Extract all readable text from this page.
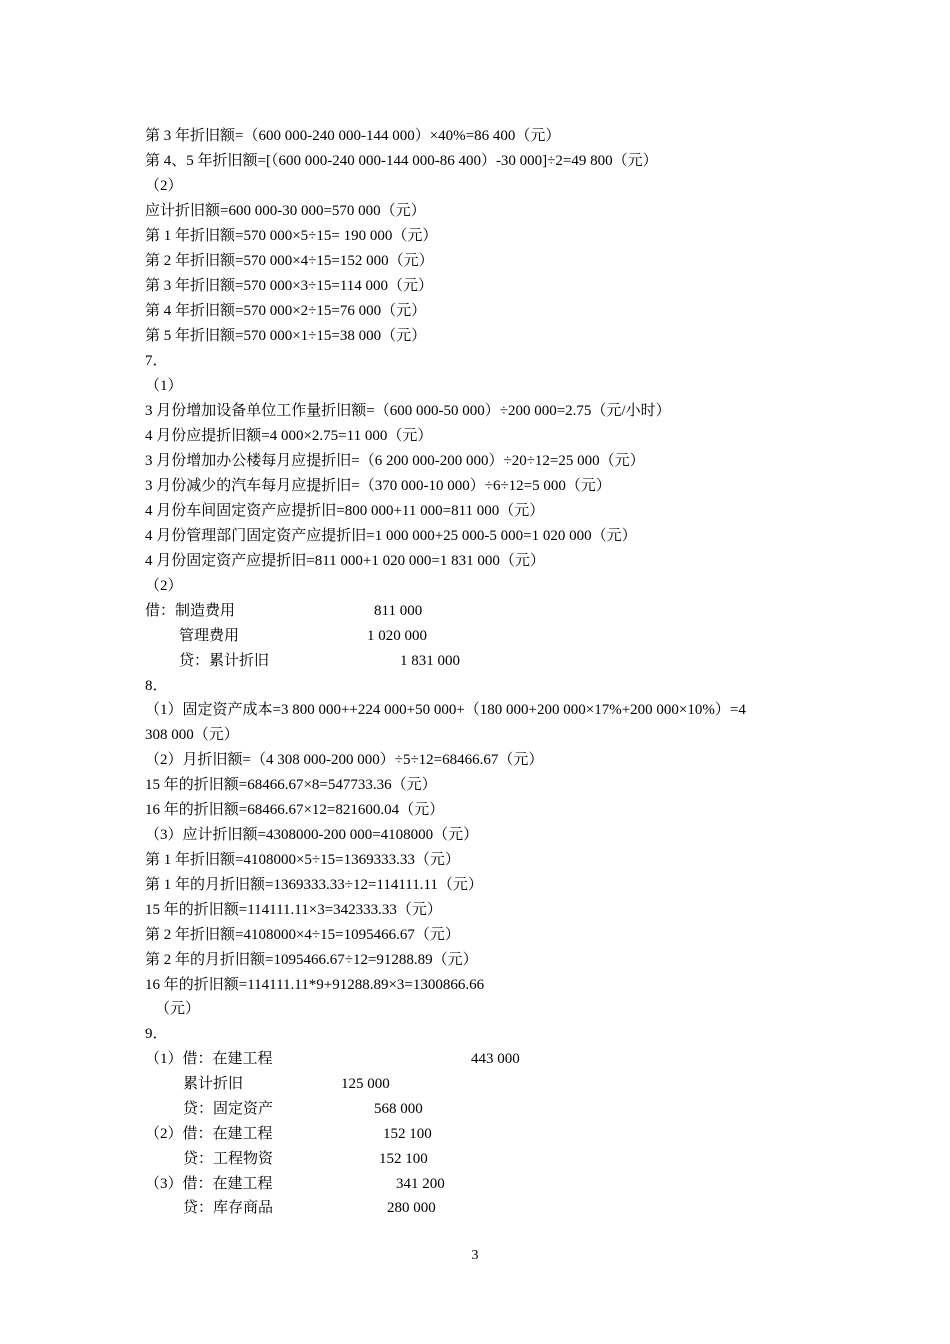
第 3 年折旧额=（600 000-240 000-144 000）×40%=86 400（元）
第 4、5 年折旧额=[（600 000-240 000-144 000-86 400）-30 000]÷2=49 800（元）
（2）
应计折旧额=600 000-30 000=570 000（元）
第 1 年折旧额=570 000×5÷15= 190 000（元）
第 2 年折旧额=570 000×4÷15=152 000（元）
第 3 年折旧额=570 000×3÷15=114 000（元）
第 4 年折旧额=570 000×2÷15=76 000（元）
第 5 年折旧额=570 000×1÷15=38 000（元）
7．
（1）
3 月份增加设备单位工作量折旧额=（600 000-50 000）÷200 000=2.75（元/小时）
4 月份应提折旧额=4 000×2.75=11 000（元）
3 月份增加办公楼每月应提折旧=（6 200 000-200 000）÷20÷12=25 000（元）
3 月份减少的汽车每月应提折旧=（370 000-10 000）÷6÷12=5 000（元）
4 月份车间固定资产应提折旧=800 000+11 000=811 000（元）
4 月份管理部门固定资产应提折旧=1 000 000+25 000-5 000=1 020 000（元）
4 月份固定资产应提折旧=811 000+1 020 000=1 831 000（元）
（2）
借：制造费用	811 000
管理费用	1 020 000
贷：累计折旧	1 831 000
8．
（1）固定资产成本=3 800 000++224 000+50 000+（180 000+200 000×17%+200 000×10%）=4
308 000（元）
（2）月折旧额=（4 308 000-200 000）÷5÷12=68466.67（元）
15 年的折旧额=68466.67×8=547733.36（元）
16 年的折旧额=68466.67×12=821600.04（元）
（3）应计折旧额=4308000-200 000=4108000（元）
第 1 年折旧额=4108000×5÷15=1369333.33（元）
第 1 年的月折旧额=1369333.33÷12=114111.11（元）
15 年的折旧额=114111.11×3=342333.33（元）
第 2 年折旧额=4108000×4÷15=1095466.67（元）
第 2 年的月折旧额=1095466.67÷12=91288.89（元）
16 年的折旧额=114111.11*9+91288.89×3=1300866.66
（元）
9．
（1）借：在建工程	443 000
累计折旧	125 000
贷：固定资产	568 000
（2）借：在建工程	152 100
贷：工程物资	152 100
（3）借：在建工程	341 200
贷：库存商品	280 000
3
